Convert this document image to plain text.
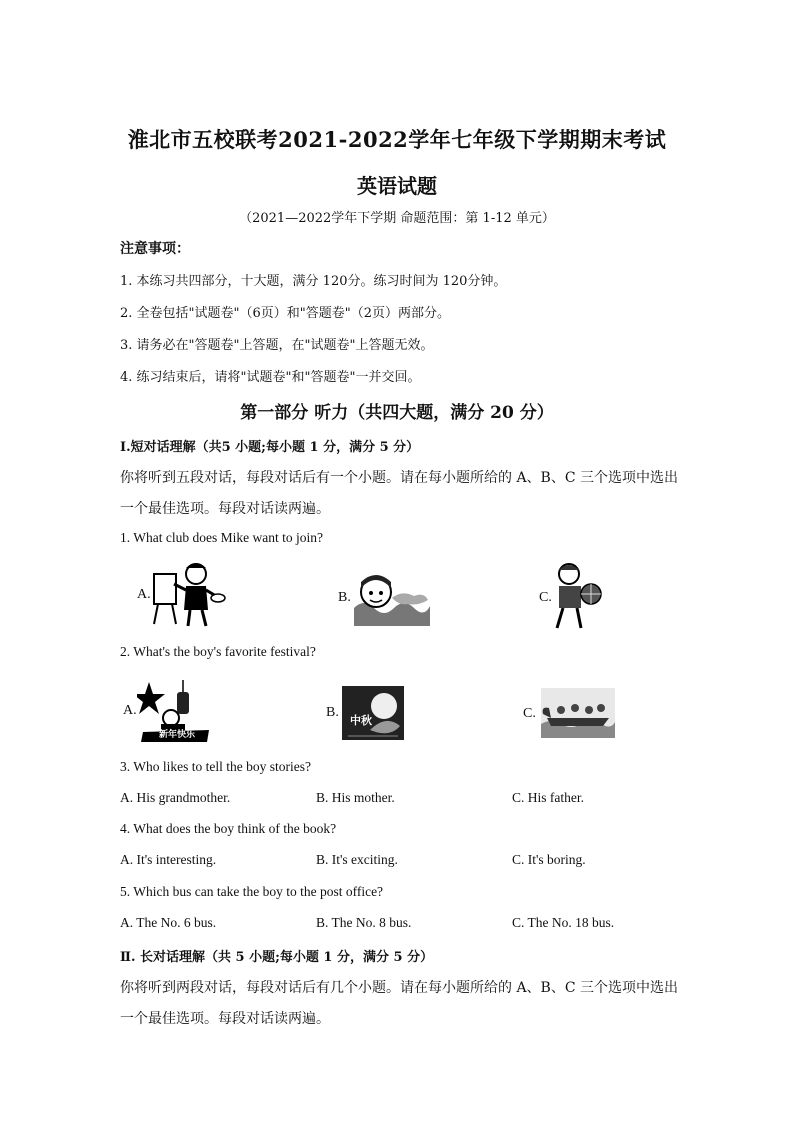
淮北市五校联考2021-2022学年七年级下学期期末考试
英语试题
（2021—2022学年下学期 命题范围：第 1-12 单元）
注意事项：
1. 本练习共四部分，十大题，满分 120分。练习时间为 120分钟。
2. 全卷包括"试题卷"（6页）和"答题卷"（2页）两部分。
3. 请务必在"答题卷"上答题，在"试题卷"上答题无效。
4. 练习结束后，请将"试题卷"和"答题卷"一并交回。
第一部分 听力（共四大题，满分 20 分）
Ⅰ.短对话理解（共5 小题;每小题 1 分，满分 5 分）
你将听到五段对话，每段对话后有一个小题。请在每小题所给的 A、B、C 三个选项中选出
一个最佳选项。每段对话读两遍。
1. What club does Mike want to join?
A.	B.	C.
2. What's the boy's favorite festival?
A.
新年快乐
B.
中秋	C.
3. Who likes to tell the boy stories?
A. His grandmother.	B. His mother.	C. His father.
4. What does the boy think of the book?
A. It's interesting.	B. It's exciting.	C. It's boring.
5. Which bus can take the boy to the post office?
A. The No. 6 bus.	B. The No. 8 bus.	C. The No. 18 bus.
Ⅱ. 长对话理解（共 5 小题;每小题 1 分，满分 5 分）
你将听到两段对话，每段对话后有几个小题。请在每小题所给的 A、B、C 三个选项中选出
一个最佳选项。每段对话读两遍。
